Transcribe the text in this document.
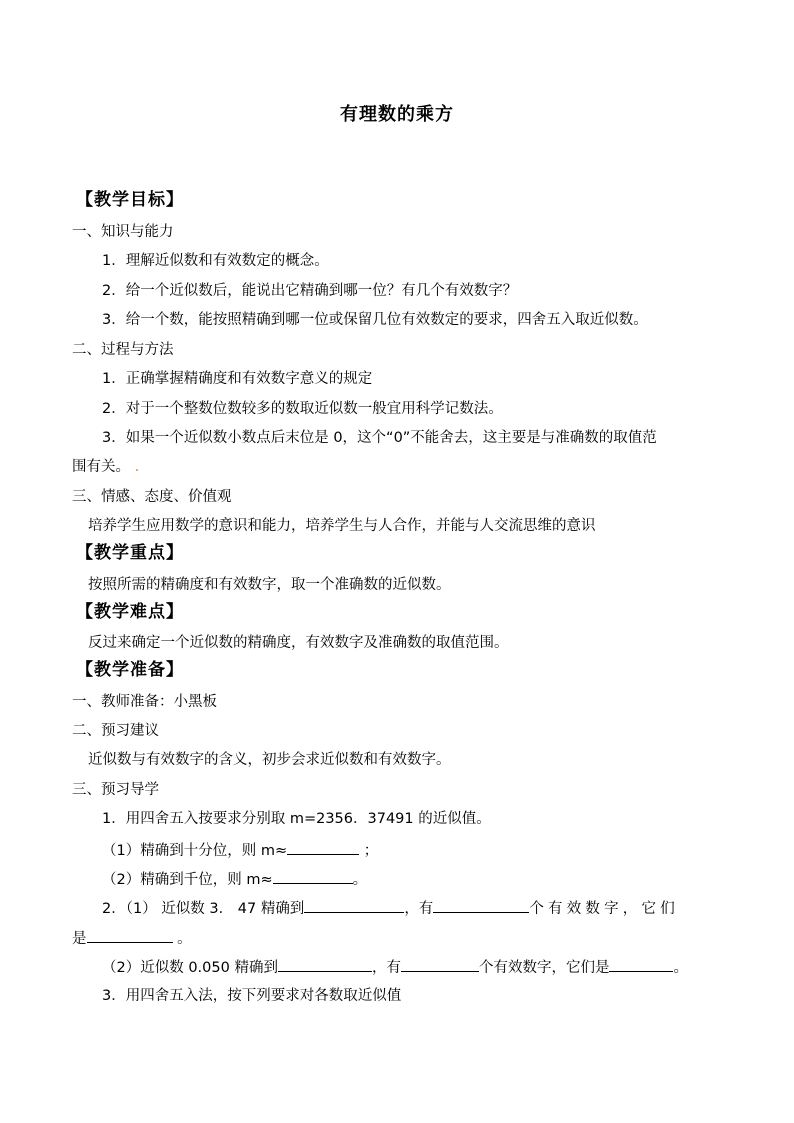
有理数的乘方
【教学目标】
一、知识与能力
1．理解近似数和有效数定的概念。
2．给一个近似数后，能说出它精确到哪一位？有几个有效数字？
3．给一个数，能按照精确到哪一位或保留几位有效数定的要求，四舍五入取近似数。
二、过程与方法
1．正确掌握精确度和有效数字意义的规定
2．对于一个整数位数较多的数取近似数一般宜用科学记数法。
3．如果一个近似数小数点后末位是 0，这个“0”不能舍去，这主要是与准确数的取值范
围有关。 .
三、情感、态度、价值观
培养学生应用数学的意识和能力，培养学生与人合作，并能与人交流思维的意识
【教学重点】
按照所需的精确度和有效数字，取一个准确数的近似数。
【教学难点】
反过来确定一个近似数的精确度，有效数字及准确数的取值范围。
【教学准备】
一、教师准备：小黑板
二、预习建议
近似数与有效数字的含义，初步会求近似数和有效数字。
三、预习导学
1．用四舍五入按要求分别取 m=2356．37491 的近似值。
（1）精确到十分位，则 m≈	；
（2）精确到千位，则 m≈	。
2．（1） 近似数 3． 47 精确到	，有	个有效数字，它们
是	。
（2）近似数 0.050 精确到	，有	个有效数字，它们是	。
3．用四舍五入法，按下列要求对各数取近似值
